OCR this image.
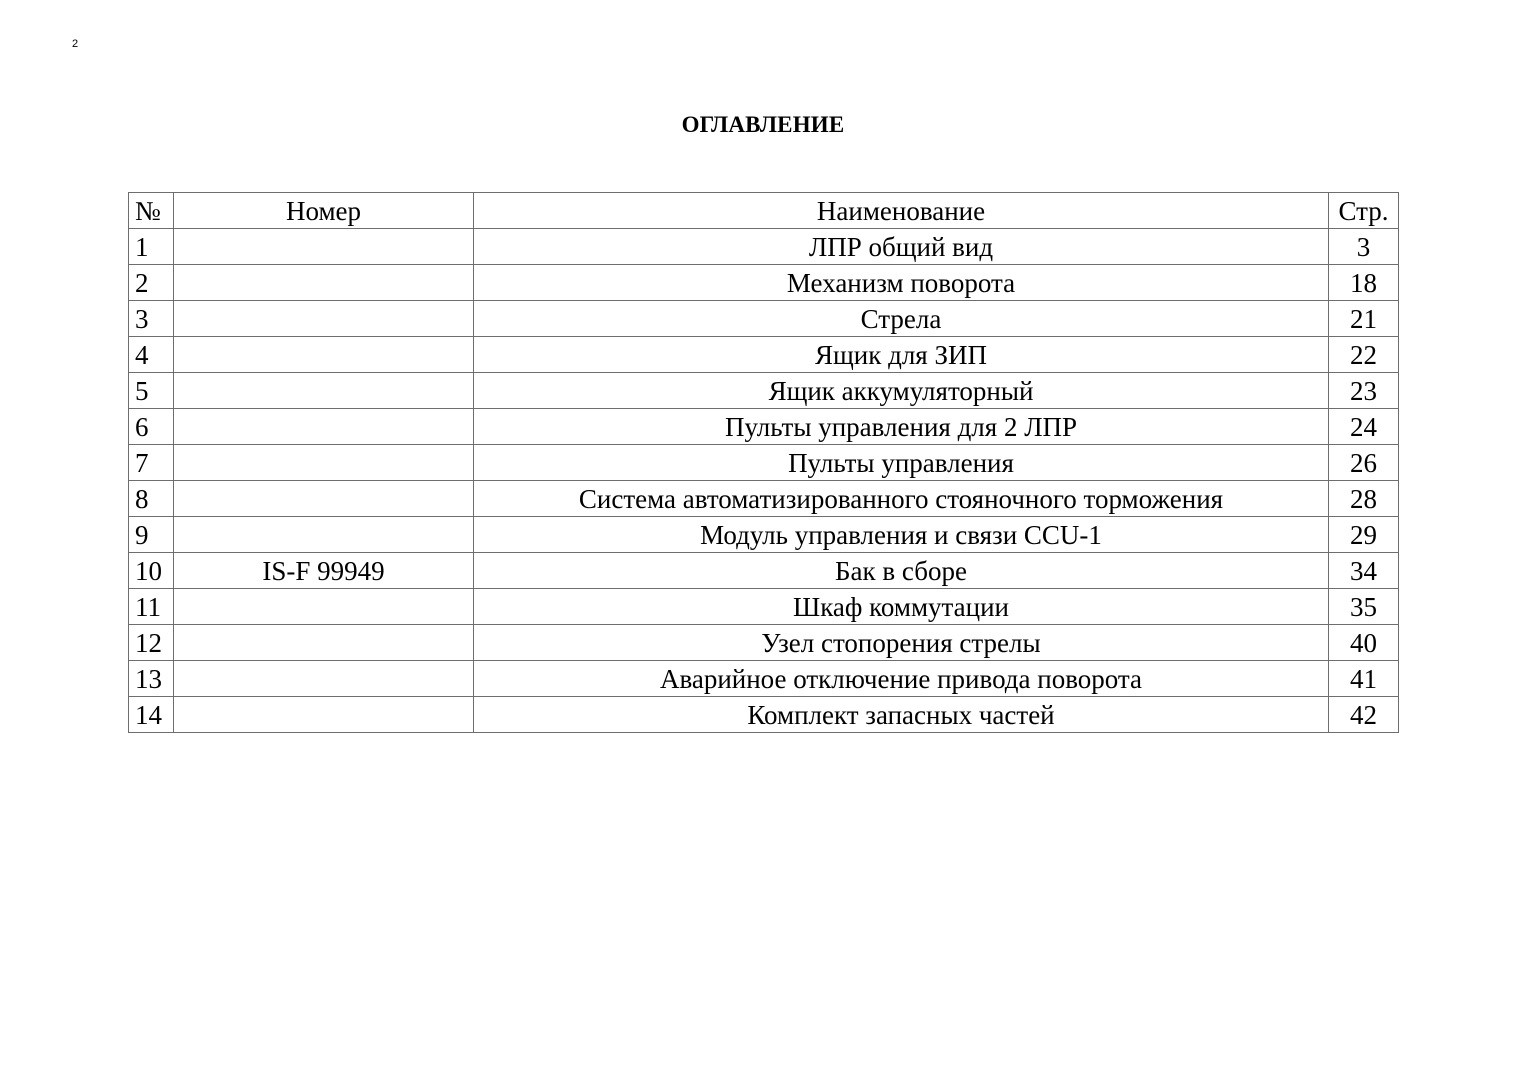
2
ОГЛАВЛЕНИЕ
№	Номер	Наименование	Стр.
1		ЛПР общий вид	3
2		Механизм поворота	18
3		Стрела	21
4		Ящик для ЗИП	22
5		Ящик аккумуляторный	23
6		Пульты управления для 2 ЛПР	24
7		Пульты управления	26
8		Система автоматизированного стояночного торможения	28
9		Модуль управления и связи CCU-1	29
10	IS-F 99949	Бак в сборе	34
11		Шкаф коммутации	35
12		Узел стопорения стрелы	40
13		Аварийное отключение привода поворота	41
14		Комплект запасных частей	42
